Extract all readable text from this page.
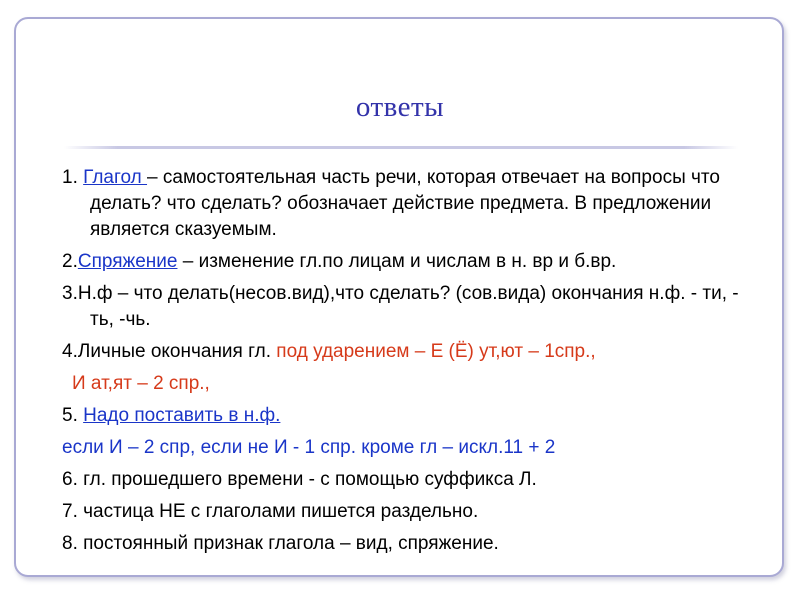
ответы

1. Глагол – самостоятельная часть речи, которая отвечает на вопросы что делать? что сделать? обозначает действие предмета. В предложении является сказуемым.

2.Спряжение – изменение гл.по лицам и числам в н. вр и б.вр.

3.Н.ф – что делать(несов.вид),что сделать? (сов.вида) окончания н.ф. - ти, - ть, -чь.

4.Личные окончания гл. под ударением – Е (Ё) ут,ют – 1спр.,

И ат,ят – 2 спр.,

5. Надо поставить в н.ф.

если И – 2 спр, если не И - 1 спр. кроме гл – искл.11 + 2

6. гл. прошедшего времени - с помощью суффикса Л.

7. частица НЕ с глаголами пишется раздельно.

8. постоянный признак глагола – вид, спряжение.
